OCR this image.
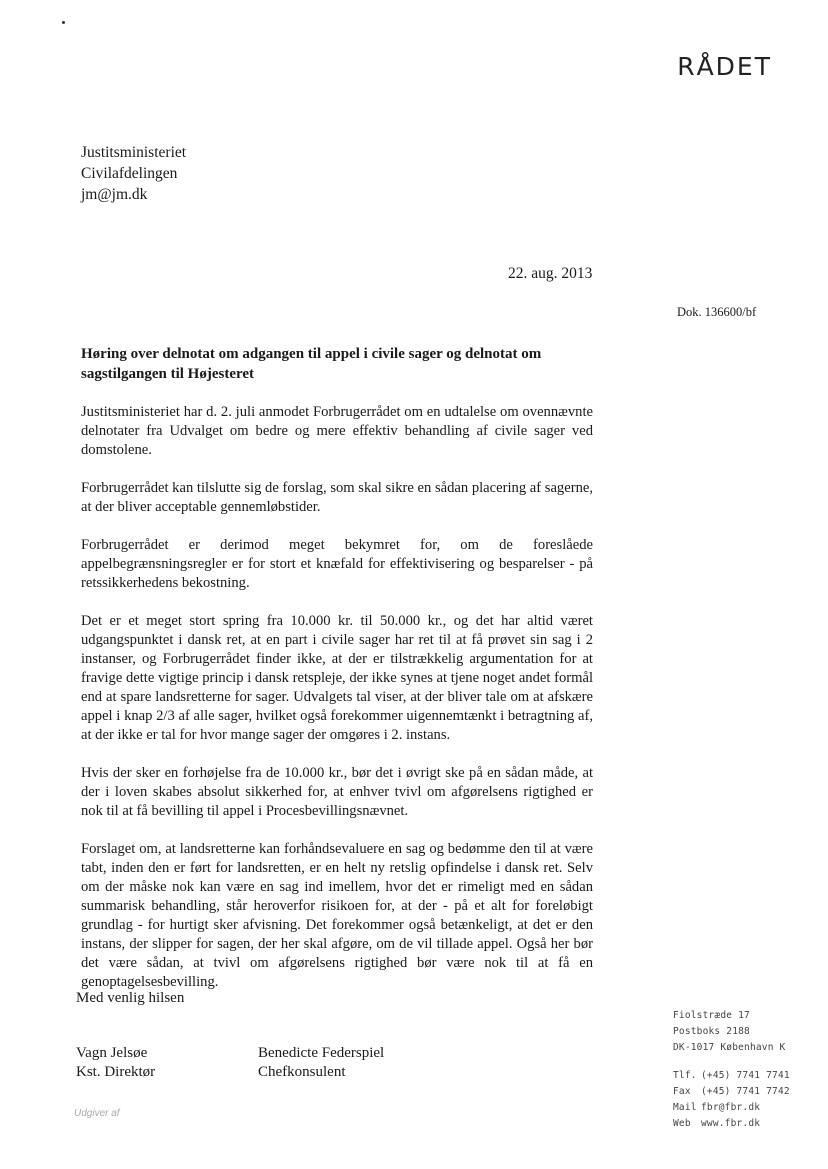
RÅDET
Justitsministeriet
Civilafdelingen
jm@jm.dk
22. aug. 2013
Dok. 136600/bf
Høring over delnotat om adgangen til appel i civile sager og delnotat om
sagstilgangen til Højesteret

Justitsministeriet har d. 2. juli anmodet Forbrugerrådet om en udtalelse om ovennævnte delnotater fra Udvalget om bedre og mere effektiv behandling af civile sager ved domstolene.

Forbrugerrådet kan tilslutte sig de forslag, som skal sikre en sådan placering af sagerne, at der bliver acceptable gennemløbstider.

Forbrugerrådet er derimod meget bekymret for, om de foreslåede appelbegrænsningsregler er for stort et knæfald for effektivisering og besparelser - på retssikkerhedens bekostning.

Det er et meget stort spring fra 10.000 kr. til 50.000 kr., og det har altid været udgangspunktet i dansk ret, at en part i civile sager har ret til at få prøvet sin sag i 2 instanser, og Forbrugerrådet finder ikke, at der er tilstrækkelig argumentation for at fravige dette vigtige princip i dansk retspleje, der ikke synes at tjene noget andet formål end at spare landsretterne for sager. Udvalgets tal viser, at der bliver tale om at afskære appel i knap 2/3 af alle sager, hvilket også forekommer uigennemtænkt i betragtning af, at der ikke er tal for hvor mange sager der omgøres i 2. instans.

Hvis der sker en forhøjelse fra de 10.000 kr., bør det i øvrigt ske på en sådan måde, at der i loven skabes absolut sikkerhed for, at enhver tvivl om afgørelsens rigtighed er nok til at få bevilling til appel i Procesbevillingsnævnet.

Forslaget om, at landsretterne kan forhåndsevaluere en sag og bedømme den til at være tabt, inden den er ført for landsretten, er en helt ny retslig opfindelse i dansk ret. Selv om der måske nok kan være en sag ind imellem, hvor det er rimeligt med en sådan summarisk behandling, står heroverfor risikoen for, at der - på et alt for foreløbigt grundlag - for hurtigt sker afvisning. Det forekommer også betænkeligt, at det er den instans, der slipper for sagen, der her skal afgøre, om de vil tillade appel. Også her bør det være sådan, at tvivl om afgørelsens rigtighed bør være nok til at få en genoptagelsesbevilling.

Med venlig hilsen
Vagn Jelsøe
Kst. Direktør
Benedicte Federspiel
Chefkonsulent
Fiolstræde 17
Postboks 2188
DK-1017 København K
Tlf. (+45) 7741 7741
Fax (+45) 7741 7742
Mail fbr@fbr.dk
Web www.fbr.dk
Udgiver af
